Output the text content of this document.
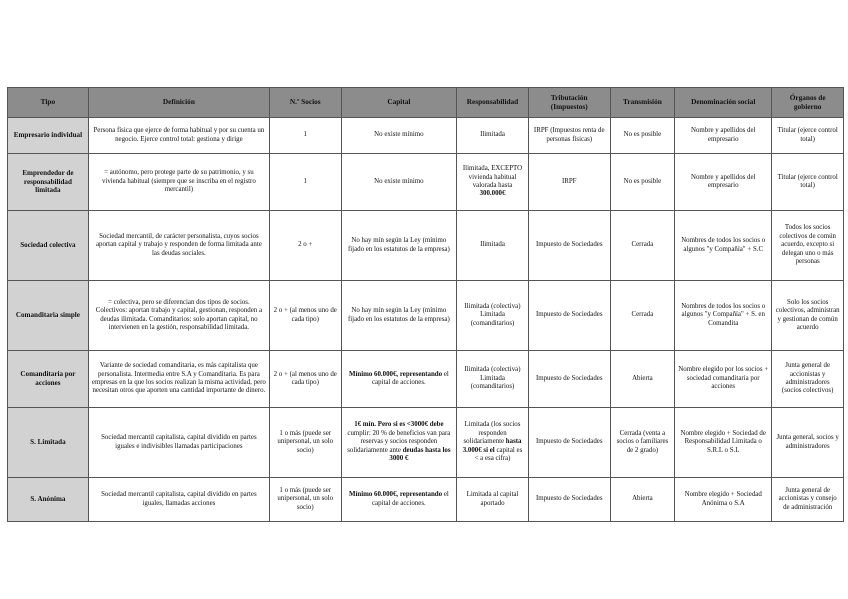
Tipo	Definición	N.º Socios	Capital	Responsabilidad	Tributación (Impuestos)	Transmisión	Denominación social	Órganos de gobierno
Empresario individual	Persona física que ejerce de forma habitual y por su cuenta un negocio. Ejerce control total: gestiona y dirige	1	No existe mínimo	Ilimitada	IRPF (Impuestos renta de personas físicas)	No es posible	Nombre y apellidos del empresario	Titular (ejerce control total)
Emprendedor de responsabilidad limitada	= autónomo, pero protege parte de su patrimonio, y su vivienda habitual (siempre que se inscriba en el registro mercantil)	1	No existe mínimo	Ilimitada, EXCEPTO vivienda habitual valorada hasta 300.000€	IRPF	No es posible	Nombre y apellidos del empresario	Titular (ejerce control total)
Sociedad colectiva	Sociedad mercantil, de carácter personalista, cuyos socios aportan capital y trabajo y responden de forma limitada ante las deudas sociales.	2 o +	No hay mín según la Ley (mínimo fijado en los estatutos de la empresa)	Ilimitada	Impuesto de Sociedades	Cerrada	Nombres de todos los socios o algunos "y Compañía" + S.C	Todos los socios colectivos de común acuerdo, excepto si delegan uno o más personas
Comanditaria simple	= colectiva, pero se diferencian dos tipos de socios. Colectivos: aportan trabajo y capital, gestionan, responden a deudas ilimitada. Comanditarios: solo aportan capital, no intervienen en la gestión, responsabilidad limitada.	2 o + (al menos uno de cada tipo)	No hay mín según la Ley (mínimo fijado en los estatutos de la empresa)	Ilimitada (colectiva) Limitada (comanditarios)	Impuesto de Sociedades	Cerrada	Nombres de todos los socios o algunos "y Compañía" + S. en Comandita	Solo los socios colectivos, administran y gestionan de común acuerdo
Comanditaria por acciones	Variante de sociedad comanditaria, es más capitalista que personalista. Intermedia entre S.A y Comanditaria. Es para empresas en la que los socios realizan la misma actividad, pero necesitan otros que aporten una cantidad importante de dinero.	2 o + (al menos uno de cada tipo)	Mínimo 60.000€, representando el capital de acciones.	Ilimitada (colectiva) Limitada (comanditarios)	Impuesto de Sociedades	Abierta	Nombre elegido por los socios + sociedad comanditaria por acciones	Junta general de accionistas y administradores (socios colectivos)
S. Limitada	Sociedad mercantil capitalista, capital dividido en partes iguales e indivisibles llamadas participaciones	1 o más (puede ser unipersonal, un solo socio)	1€ mín. Pero si es <3000€ debe cumplir: 20 % de beneficios van para reservas y socios responden solidariamente ante deudas hasta los 3000 €	Limitada (los socios responden solidariamente hasta 3.000€ si el capital es < a esa cifra)	Impuesto de Sociedades	Cerrada (venta a socios o familiares de 2 grado)	Nombre elegido + Sociedad de Responsabilidad Limitada o S.R.L o S.L	Junta general, socios y administradores
S. Anónima	Sociedad mercantil capitalista, capital dividido en partes iguales, llamadas acciones	1 o más (puede ser unipersonal, un solo socio)	Mínimo 60.000€, representando el capital de acciones.	Limitada al capital aportado	Impuesto de Sociedades	Abierta	Nombre elegido + Sociedad Anónima o S.A	Junta general de accionistas y consejo de administración
